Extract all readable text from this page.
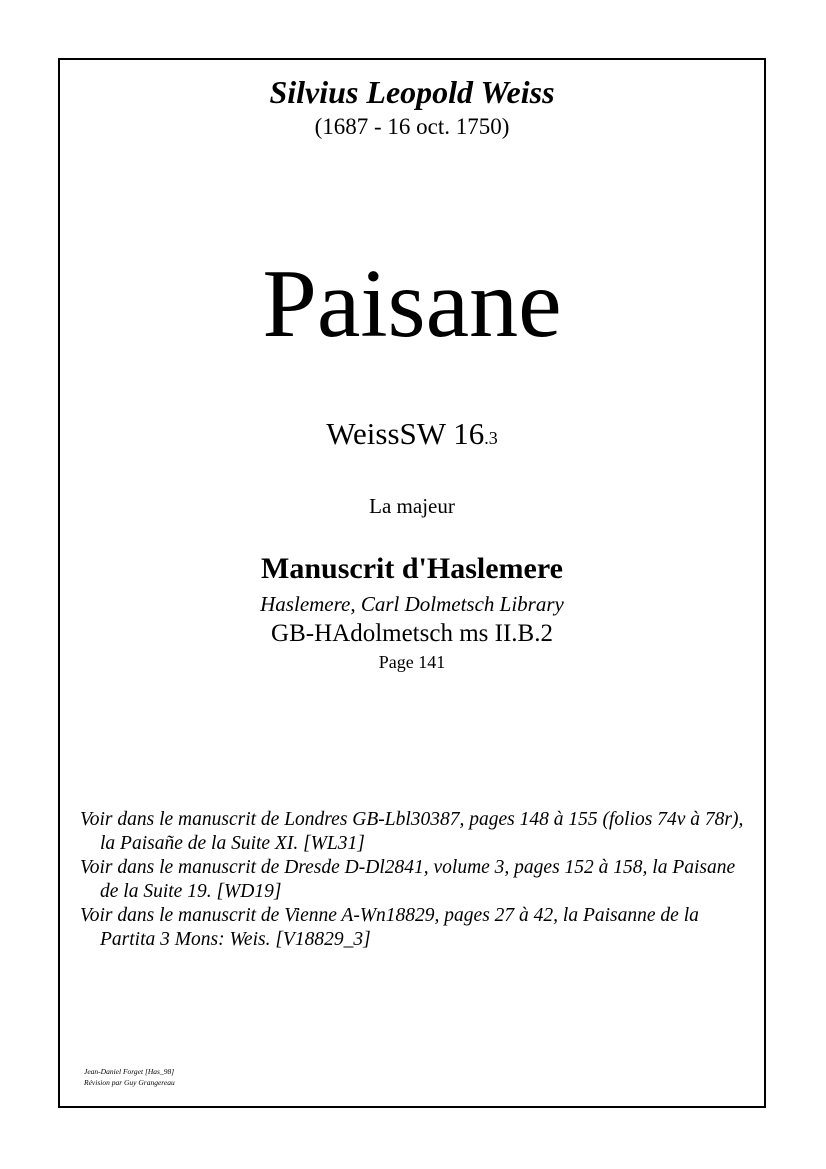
Silvius Leopold Weiss
(1687 - 16 oct. 1750)
Paisane
WeissSW 16.3
La majeur
Manuscrit d'Haslemere
Haslemere, Carl Dolmetsch Library
GB-HAdolmetsch ms II.B.2
Page 141

Voir dans le manuscrit de Londres GB-Lbl30387, pages 148 à 155 (folios 74v à 78r), la Paisañe de la Suite XI. [WL31]

Voir dans le manuscrit de Dresde D-Dl2841, volume 3, pages 152 à 158, la Paisane de la Suite 19. [WD19]

Voir dans le manuscrit de Vienne A-Wn18829, pages 27 à 42, la Paisanne de la Partita 3 Mons: Weis. [V18829_3]

Jean-Daniel Forget [Has_98]
Révision par Guy Grangereau
